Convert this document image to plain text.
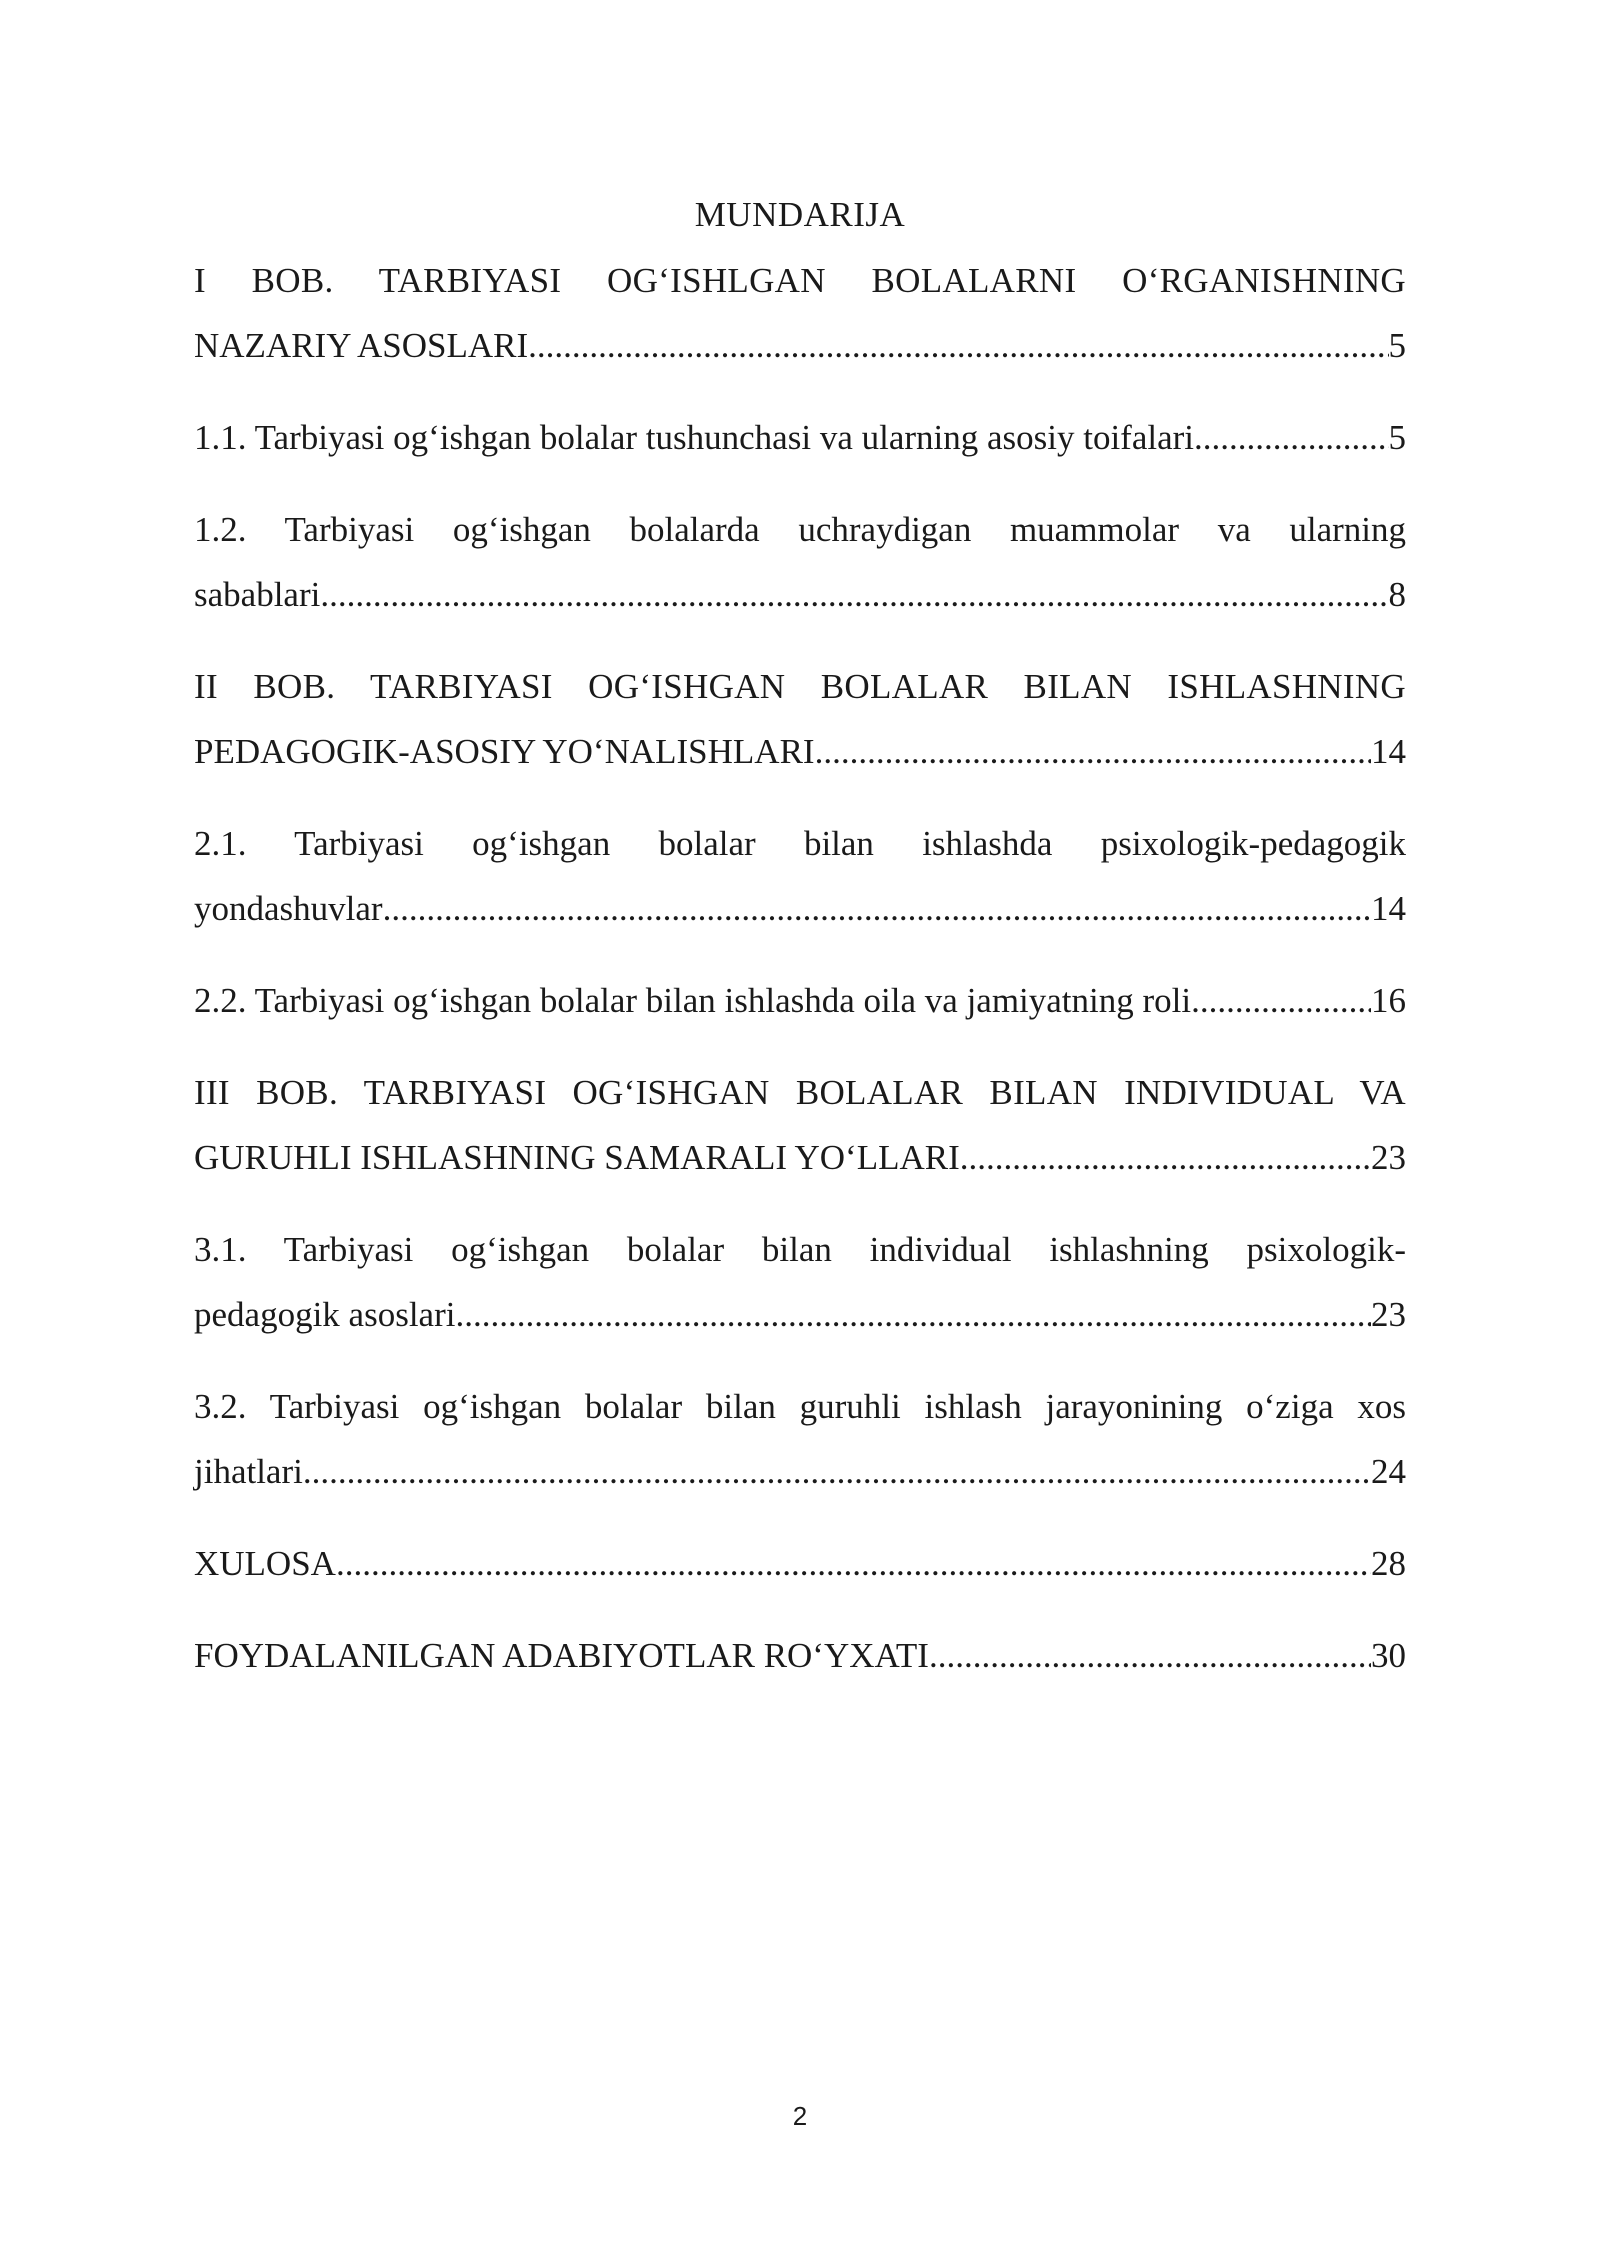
MUNDARIJA
I BOB. TARBIYASI OG‘ISHLGAN BOLALARNI O‘RGANISHNING
NAZARIY ASOSLARI .....	5
1.1. Tarbiyasi og‘ishgan bolalar tushunchasi va ularning asosiy toifalari .....	5
1.2. Tarbiyasi og‘ishgan bolalarda uchraydigan muammolar va ularning
sabablari .....	8
II BOB. TARBIYASI OG‘ISHGAN BOLALAR BILAN ISHLASHNING
PEDAGOGIK-ASOSIY YO‘NALISHLARI .....	14
2.1. Tarbiyasi og‘ishgan bolalar bilan ishlashda psixologik-pedagogik
yondashuvlar .....	14
2.2. Tarbiyasi og‘ishgan bolalar bilan ishlashda oila va jamiyatning roli .....	16
III BOB. TARBIYASI OG‘ISHGAN BOLALAR BILAN INDIVIDUAL VA
GURUHLI ISHLASHNING SAMARALI YO‘LLARI .....	23
3.1. Tarbiyasi og‘ishgan bolalar bilan individual ishlashning psixologik-
pedagogik asoslari .....	23
3.2. Tarbiyasi og‘ishgan bolalar bilan guruhli ishlash jarayonining o‘ziga xos
jihatlari .....	24
XULOSA .....	28
FOYDALANILGAN ADABIYOTLAR RO‘YXATI .....	30
2
